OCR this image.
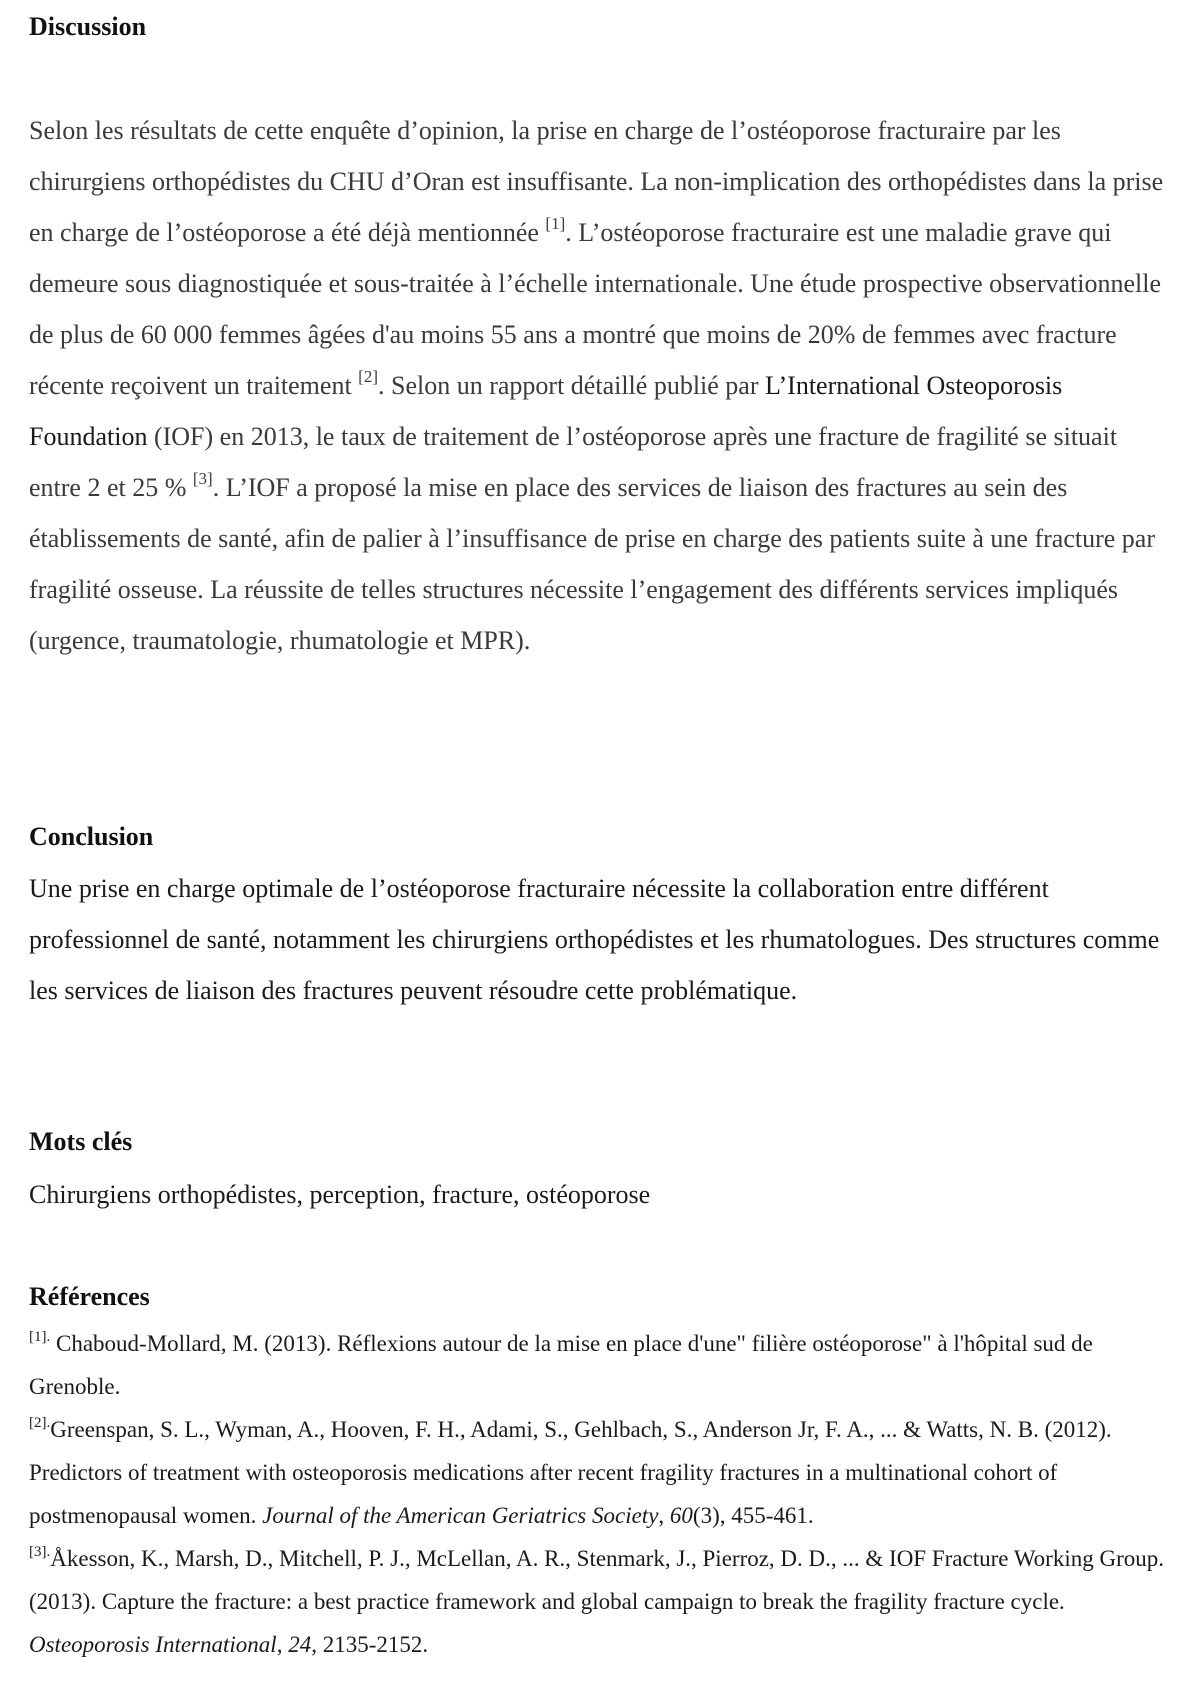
Discussion

Selon les résultats de cette enquête d’opinion, la prise en charge de l’ostéoporose fracturaire par les chirurgiens orthopédistes du CHU d’Oran est insuffisante. La non-implication des orthopédistes dans la prise en charge de l’ostéoporose a été déjà mentionnée [1]. L’ostéoporose fracturaire est une maladie grave qui demeure sous diagnostiquée et sous-traitée à l’échelle internationale. Une étude prospective observationnelle de plus de 60 000 femmes âgées d'au moins 55 ans a montré que moins de 20% de femmes avec fracture récente reçoivent un traitement [2]. Selon un rapport détaillé publié par L’International Osteoporosis Foundation (IOF) en 2013, le taux de traitement de l’ostéoporose après une fracture de fragilité se situait entre 2 et 25 % [3]. L’IOF a proposé la mise en place des services de liaison des fractures au sein des établissements de santé, afin de palier à l’insuffisance de prise en charge des patients suite à une fracture par fragilité osseuse. La réussite de telles structures nécessite l’engagement des différents services impliqués (urgence, traumatologie, rhumatologie et MPR).

Conclusion

Une prise en charge optimale de l’ostéoporose fracturaire nécessite la collaboration entre différent professionnel de santé, notamment les chirurgiens orthopédistes et les rhumatologues. Des structures comme les services de liaison des fractures peuvent résoudre cette problématique.

Mots clés

Chirurgiens orthopédistes, perception, fracture, ostéoporose

Références

$^{[1].}$ Chaboud-Mollard, M. (2013). Réflexions autour de la mise en place d'une" filière ostéoporose" à l'hôpital sud de Grenoble.

$^{[2].}$Greenspan, S. L., Wyman, A., Hooven, F. H., Adami, S., Gehlbach, S., Anderson Jr, F. A., ... & Watts, N. B. (2012). Predictors of treatment with osteoporosis medications after recent fragility fractures in a multinational cohort of postmenopausal women. Journal of the American Geriatrics Society, 60(3), 455-461.

$^{[3].}$Åkesson, K., Marsh, D., Mitchell, P. J., McLellan, A. R., Stenmark, J., Pierroz, D. D., ... & IOF Fracture Working Group. (2013). Capture the fracture: a best practice framework and global campaign to break the fragility fracture cycle. Osteoporosis International, 24, 2135-2152.
